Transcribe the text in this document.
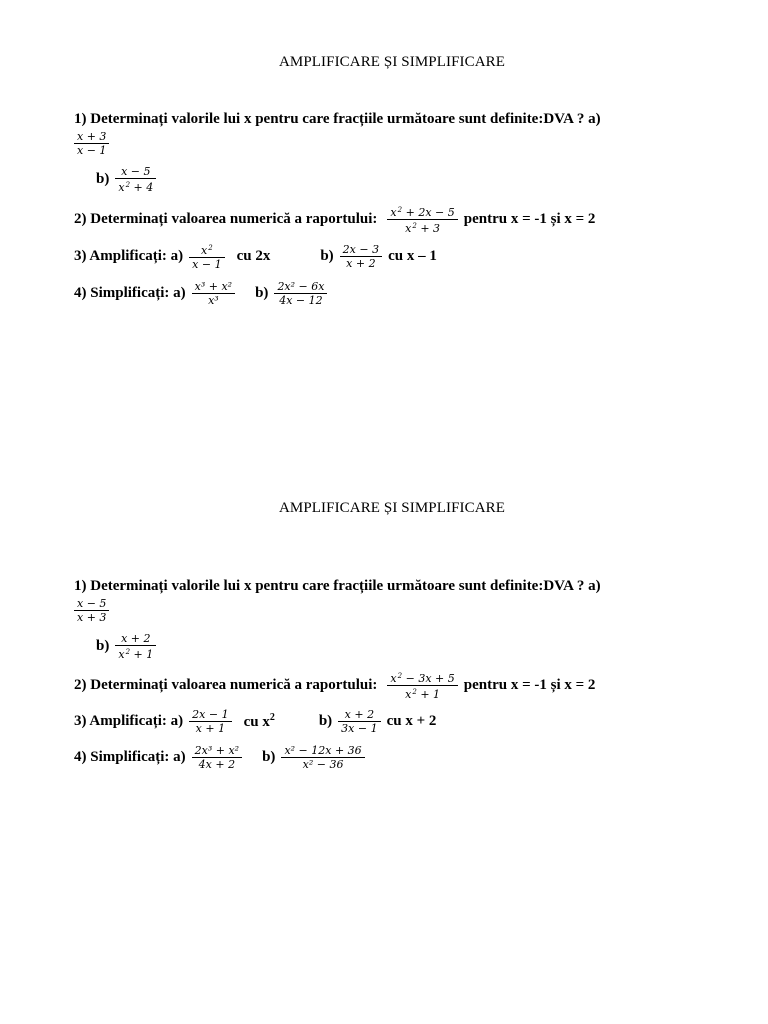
AMPLIFICARE ȘI SIMPLIFICARE
1) Determinați valorile lui x pentru care fracțiile următoare sunt definite:DVA ? a)
$\frac{x + 3}{x - 1}$
$b) \frac{x - 5}{x^2 + 4}$
2) Determinați valoarea numerică a raportului: $\frac{x^2 + 2x - 5}{x^2 + 3}$ pentru x = -1 și x = 2
3) Amplificați: $a) \frac{x^2}{x - 1}$ cu 2x	$b) \frac{2x - 3}{x + 2}$ cu x – 1
4) Simplificați: $a) \frac{\text{x³ + x²}}{\text{x³}} b) \frac{\text{2x² − 6x}}{4x - 12}$
AMPLIFICARE ȘI SIMPLIFICARE
1) Determinați valorile lui x pentru care fracțiile următoare sunt definite:DVA ? a)
$\frac{x - 5}{x + 3}$
$b) \frac{x + 2}{x^2 + 1}$
2) Determinați valoarea numerică a raportului: $\frac{x^2 - 3x + 5}{x^2 + 1}$ pentru x = -1 și x = 2
3) Amplificați: $a) \frac{2x - 1}{x + 1}$ cu $x^2$	$b) \frac{x + 2}{3x - 1}$ cu x + 2
4) Simplificați: $a) \frac{\text{2x³ + x²}}{4x + 2} b) \frac{\text{x² − 12x + 36}}{\text{x² − 36}}$
